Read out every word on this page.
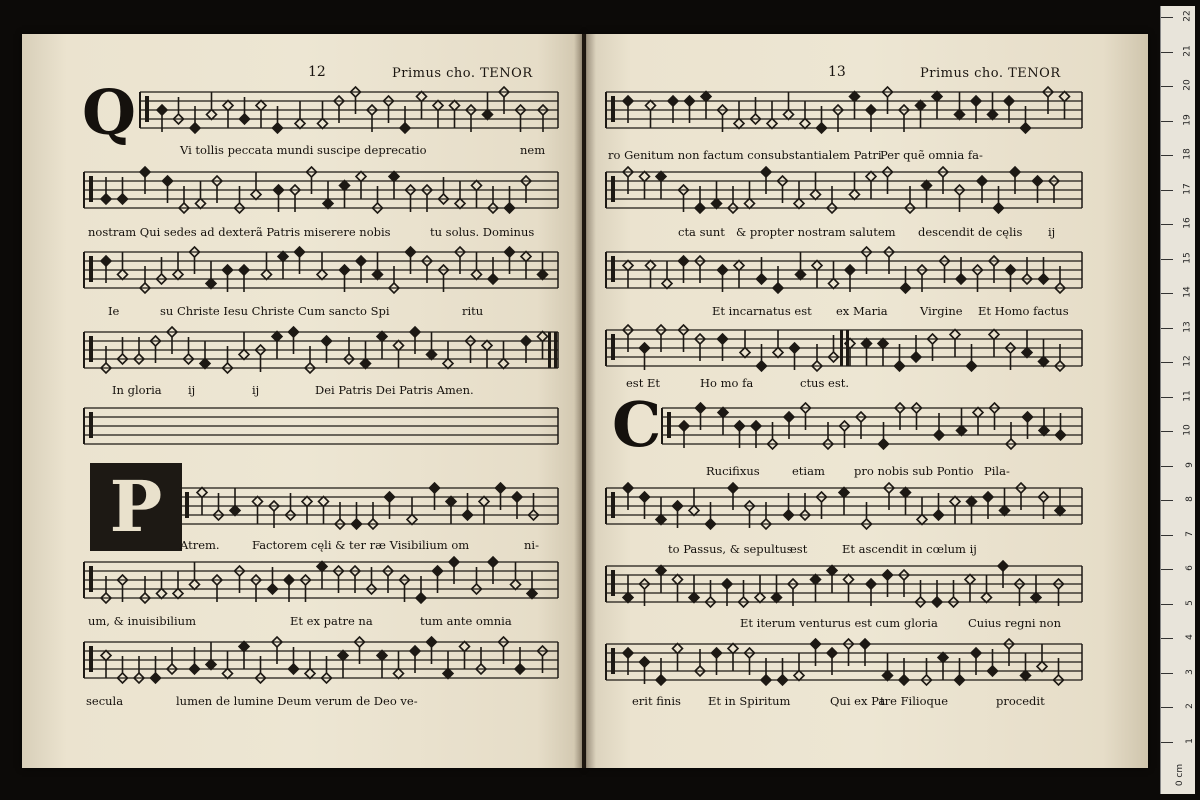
12	Primus cho. TENOR	13	Primus cho. TENOR
Q
P
C
Vi tollis peccata mundi suscipe deprecatio	nem
nostram Qui sedes ad dexterã Patris miserere nobis	tu solus. Dominus
Ie	su Christe Iesu Christe Cum sancto Spi	ritu
In gloria ij	ij	Dei Patris Dei Patris Amen.
Atrem.	Factorem cęli & ter ræ Visibilium om	ni-
um, & inuisibilium	Et ex patre na	tum ante omnia
secula	lumen de lumine Deum verum de Deo ve-
ro Genitum non factum consubstantialem Patri
Per quẽ omnia fa-
cta sunt & propter nostram salutem descendit de cęlis ij
Et incarnatus est ex Maria	Virgine Et Homo factus
est Et	Ho mo fa	ctus est.
Rucifixus	etiam	pro nobis sub Pontio Pila-
to Passus, & sepultus
est	Et ascendit in cœlum ij
Et iterum venturus est cum gloria	Cuius regni non
erit finis Et in Spiritum	Qui ex Pa
tre Filioque	procedit
1
2
3
4
5
6
7
8
9
10
11
12
13
14
15
16
17
18
19
20
21
22
0 cm
